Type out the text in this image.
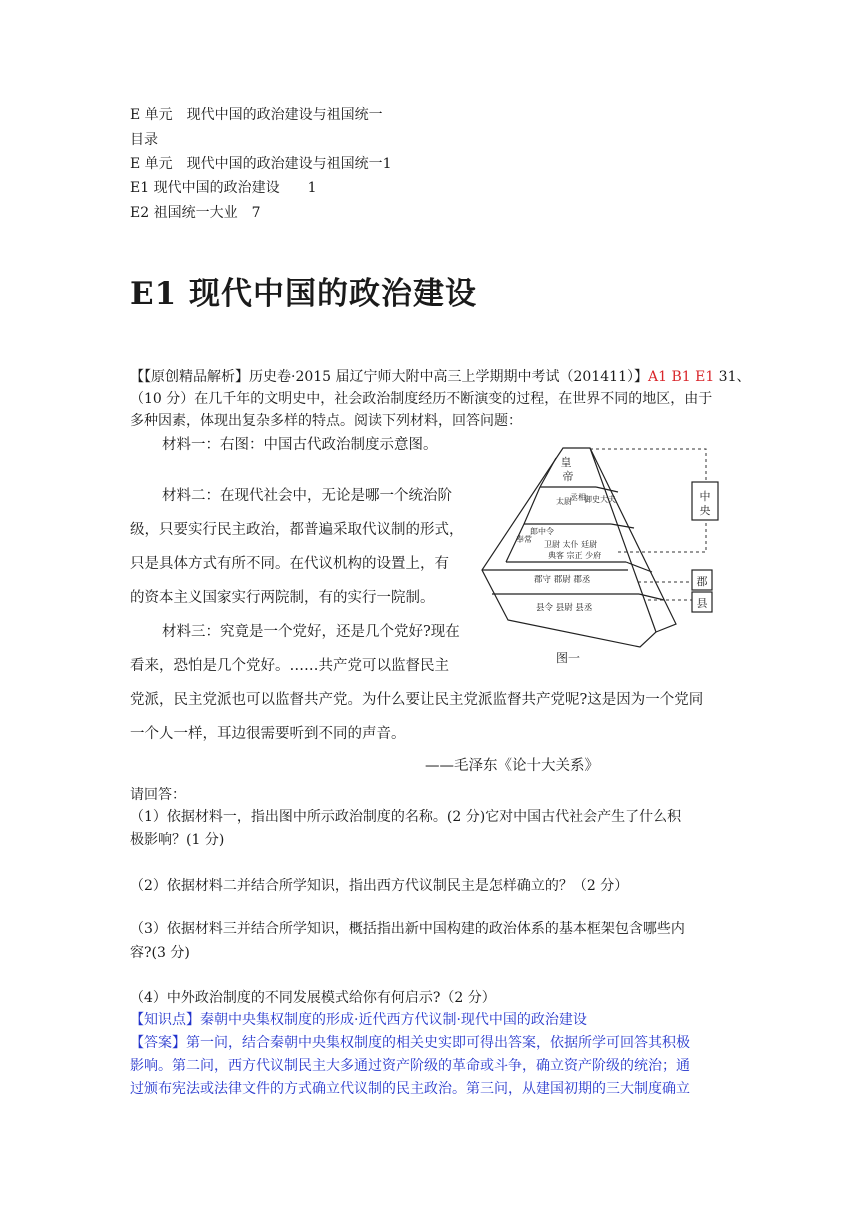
E 单元　现代中国的政治建设与祖国统一
目录
E 单元　现代中国的政治建设与祖国统一1
E1 现代中国的政治建设　　1
E2 祖国统一大业　7
E1 现代中国的政治建设
【【原创精品解析】历史卷·2015 届辽宁师大附中高三上学期期中考试（201411）】A1 B1 E1 31、
（10 分）在几千年的文明史中，社会政治制度经历不断演变的过程，在世界不同的地区，由于
多种因素，体现出复杂多样的特点。阅读下列材料，回答问题：
材料一：右图：中国古代政治制度示意图。
材料二：在现代社会中，无论是哪一个统治阶
级，只要实行民主政治，都普遍采取代议制的形式，
只是具体方式有所不同。在代议机构的设置上，有
的资本主义国家实行两院制，有的实行一院制。
材料三：究竟是一个党好，还是几个党好?现在
看来，恐怕是几个党好。……共产党可以监督民主
党派，民主党派也可以监督共产党。为什么要让民主党派监督共产党呢?这是因为一个党同
一个人一样，耳边很需要听到不同的声音。
——毛泽东《论十大关系》
请回答：
（1）依据材料一，指出图中所示政治制度的名称。(2 分)它对中国古代社会产生了什么积
极影响？(1 分)
（2）依据材料二并结合所学知识，指出西方代议制民主是怎样确立的？（2 分）
（3）依据材料三并结合所学知识，概括指出新中国构建的政治体系的基本框架包含哪些内
容?(3 分)
（4）中外政治制度的不同发展模式给你有何启示?（2 分）
【知识点】秦朝中央集权制度的形成·近代西方代议制·现代中国的政治建设
【答案】第一问，结合秦朝中央集权制度的相关史实即可得出答案，依据所学可回答其积极
影响。第二问，西方代议制民主大多通过资产阶级的革命或斗争，确立资产阶级的统治；通
过颁布宪法或法律文件的方式确立代议制的民主政治。第三问，从建国初期的三大制度确立
中
央
郡
县
皇
帝
太尉
丞相
御史大夫
奉常
郎中令
卫尉 太仆 廷尉
典客 宗正 少府
郡守 郡尉 郡丞
县令 县尉 县丞
图一
